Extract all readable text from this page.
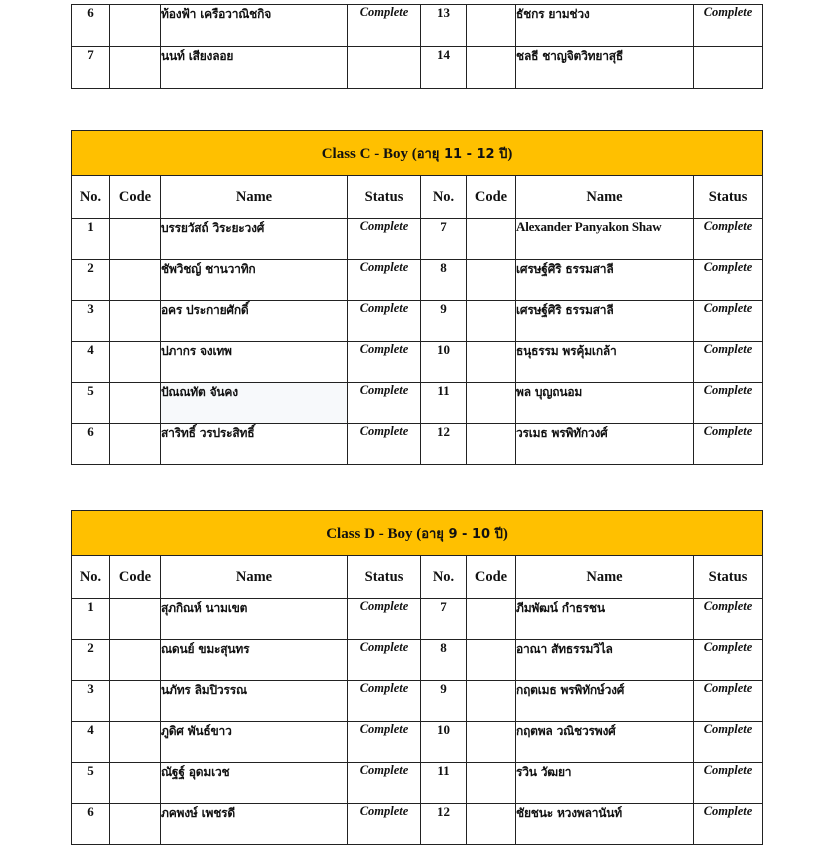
6		ท้องฟ้า เครือวาณิชกิจ	Complete	13		ธัชกร ยามช่วง	Complete
7		นนท์ เสียงลอย		14		ชลธี ชาญจิตวิทยาสุธี	
Class C - Boy (อายุ 11 - 12 ปี)							
No.	Code	Name	Status	No.	Code	Name	Status
1		บรรยวัสถ์ วิระยะวงศ์	Complete	7		Alexander Panyakon Shaw	Complete
2		ชัพวิชญ์ ชานวาทิก	Complete	8		เศรษฐ์ศิริ ธรรมสาลี	Complete
3		อคร ประกายศักดิ์	Complete	9		เศรษฐ์ศิริ ธรรมสาลี	Complete
4		ปภากร จงเทพ	Complete	10		ธนุธรรม พรคุ้มเกล้า	Complete
5		ปัณณทัต จันคง	Complete	11		พล บุญถนอม	Complete
6		สาริทธิ์ วรประสิทธิ์	Complete	12		วรเมธ พรพิทักวงศ์	Complete
Class D - Boy (อายุ 9 - 10 ปี)							
No.	Code	Name	Status	No.	Code	Name	Status
1		สุภกิณห์ นามเขต	Complete	7		ภีมพัฒน์ กำธรชน	Complete
2		ณดนย์ ขมะสุนทร	Complete	8		อาณา สัทธรรมวิไล	Complete
3		นภัทร ลิมปิวรรณ	Complete	9		กฤตเมธ พรพิทักษ์วงศ์	Complete
4		ภูดิศ พันธ์ขาว	Complete	10		กฤตพล วณิชวรพงศ์	Complete
5		ณัฐฐ์ อุดมเวช	Complete	11		รวิน วัฒยา	Complete
6		ภคพงษ์ เพชรดี	Complete	12		ชัยชนะ หวงพลานันท์	Complete
